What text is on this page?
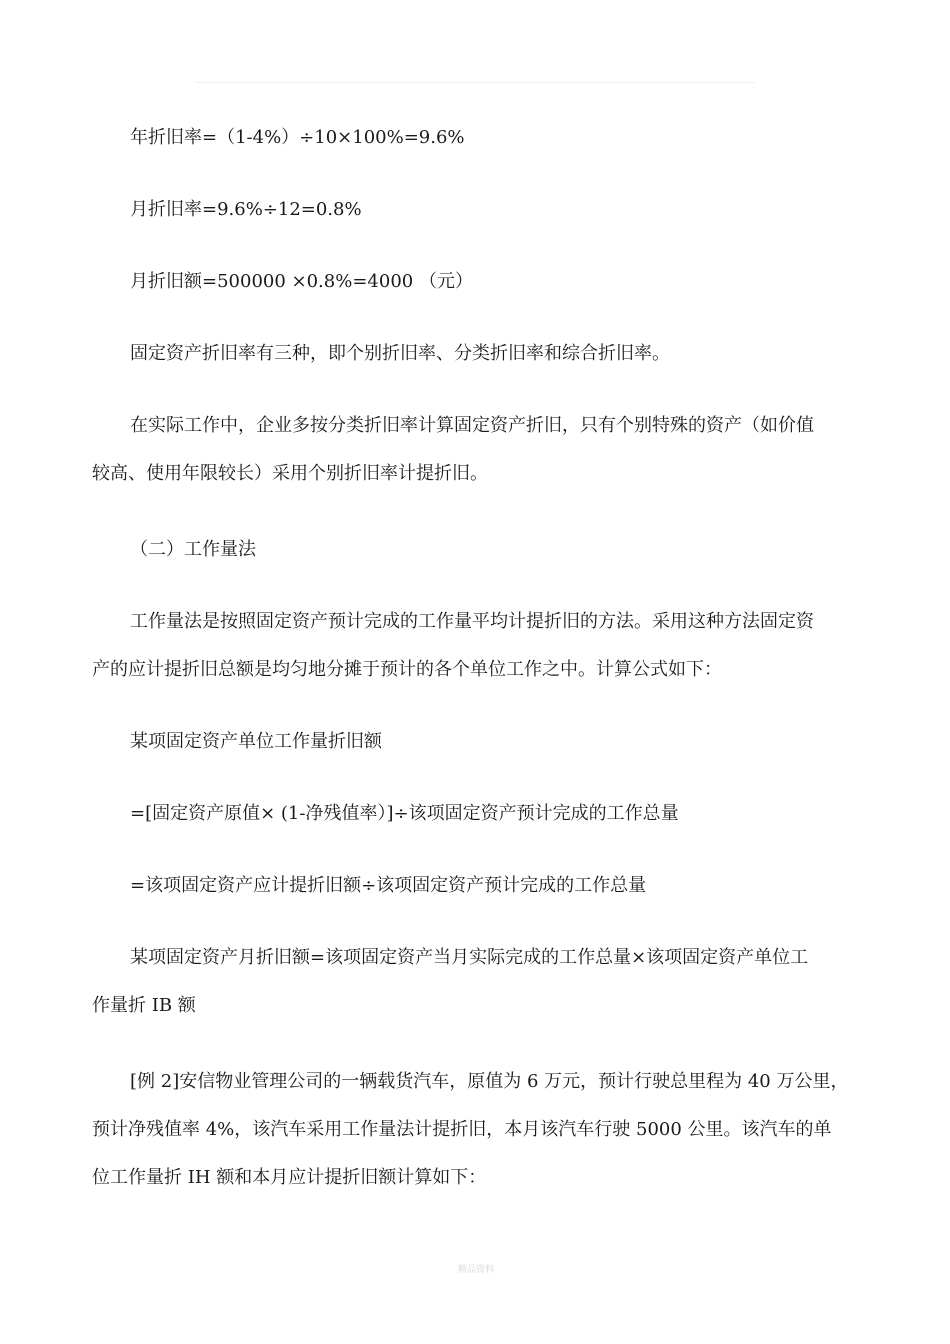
年折旧率=（1-4%）÷10×100%=9.6%
月折旧率=9.6%÷12=0.8%
月折旧额=500000 ×0.8%=4000 （元）
固定资产折旧率有三种，即个别折旧率、分类折旧率和综合折旧率。
在实际工作中，企业多按分类折旧率计算固定资产折旧，只有个别特殊的资产（如价值
较高、使用年限较长）采用个别折旧率计提折旧。
（二）工作量法
工作量法是按照固定资产预计完成的工作量平均计提折旧的方法。采用这种方法固定资
产的应计提折旧总额是均匀地分摊于预计的各个单位工作之中。计算公式如下：
某项固定资产单位工作量折旧额
=[固定资产原值× (1-净残值率）]÷该项固定资产预计完成的工作总量
=该项固定资产应计提折旧额÷该项固定资产预计完成的工作总量
某项固定资产月折旧额=该项固定资产当月实际完成的工作总量×该项固定资产单位工
作量折 IB 额
[例 2]安信物业管理公司的一辆载货汽车，原值为 6 万元，预计行驶总里程为 40 万公里，
预计净残值率 4%，该汽车采用工作量法计提折旧，本月该汽车行驶 5000 公里。该汽车的单
位工作量折 IH 额和本月应计提折旧额计算如下：
精品资料
